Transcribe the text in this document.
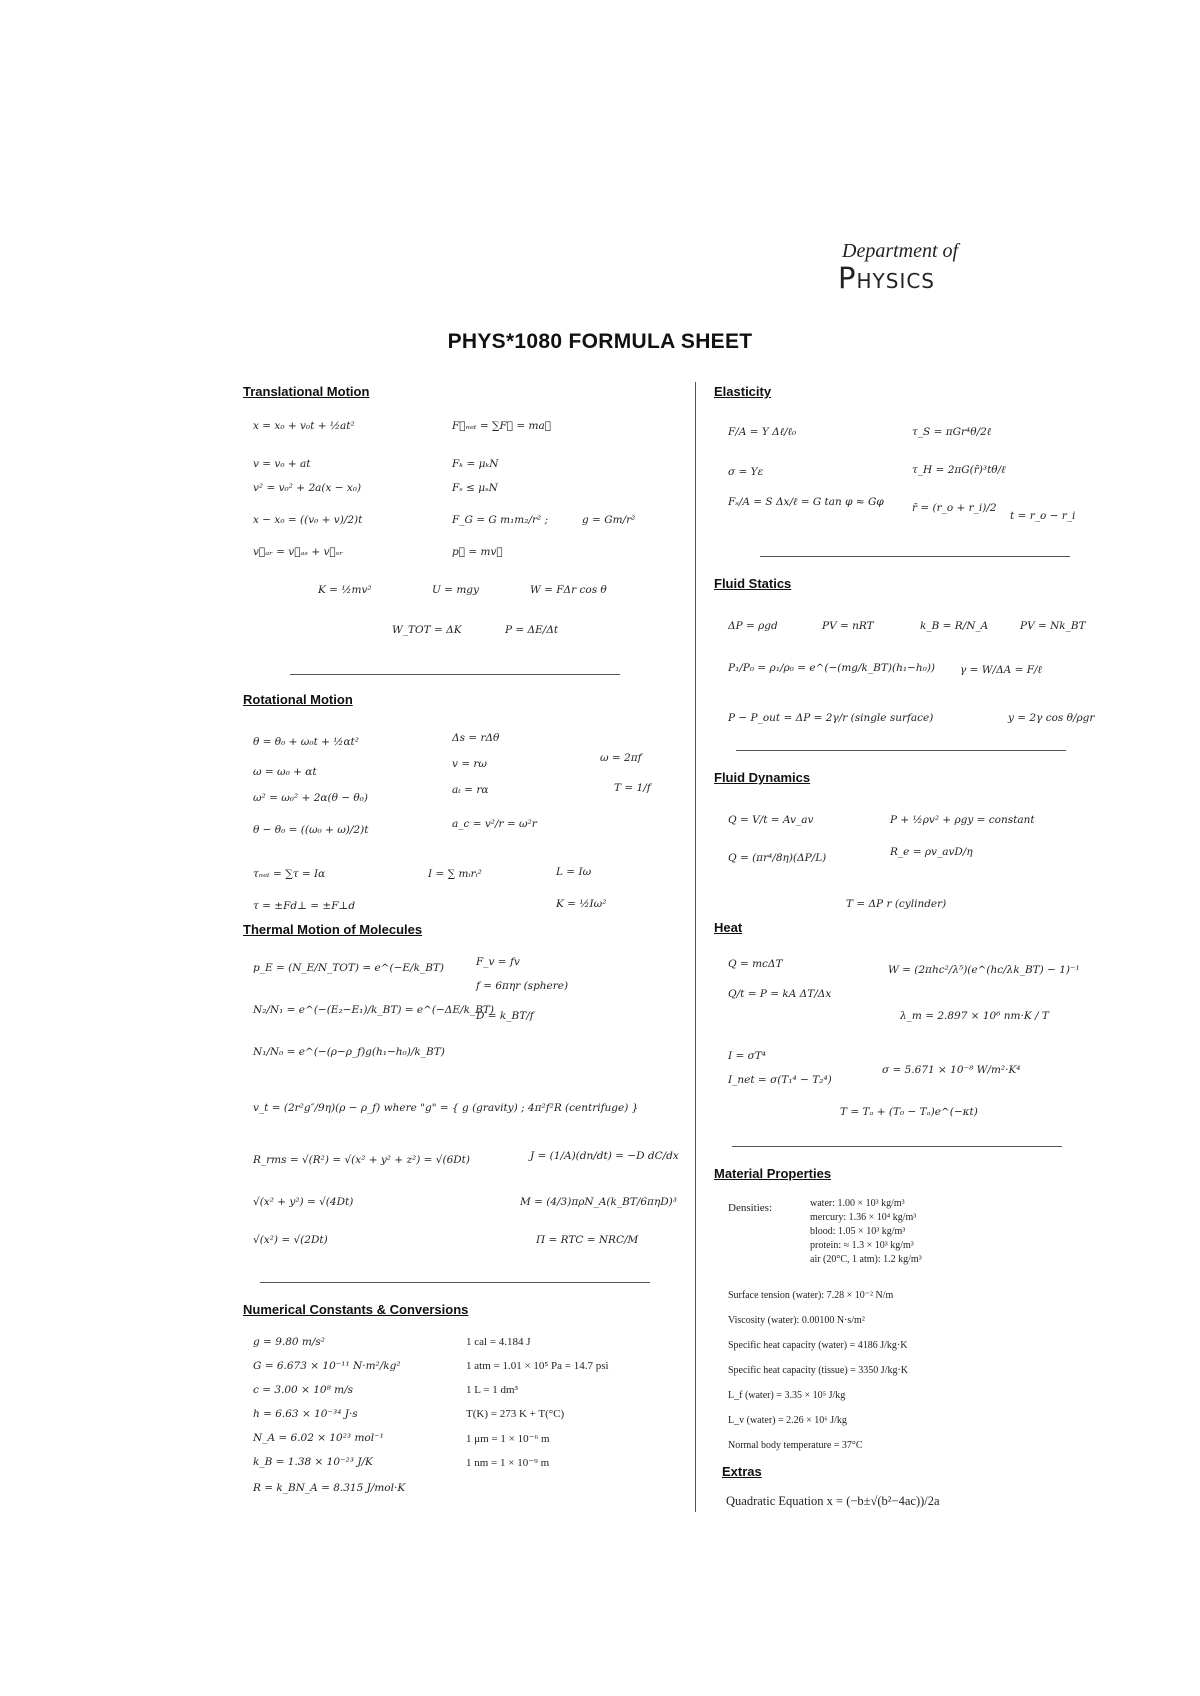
Department of
Physics
PHYS*1080 FORMULA SHEET
Translational Motion
x = x₀ + v₀t + ½at²
v = v₀ + at
v² = v₀² + 2a(x − x₀)
x − x₀ = ((v₀ + v)/2)t
v⃗ₐᵣ = v⃗ₐₛ + v⃗ₛᵣ
F⃗ₙₑₜ = ∑F⃗ = ma⃗
Fₖ = μₖN
Fₛ ≤ μₛN
F_G = G m₁m₂/r² ;	g = Gm/r²
p⃗ = mv⃗
K = ½mv²	U = mgy	W = FΔr cos θ
W_TOT = ΔK	P = ΔE/Δt
Rotational Motion
θ = θ₀ + ω₀t + ½αt²
ω = ω₀ + αt
ω² = ω₀² + 2α(θ − θ₀)
θ − θ₀ = ((ω₀ + ω)/2)t
Δs = rΔθ
v = rω
aₜ = rα
a_c = v²/r = ω²r
ω = 2πf
T = 1/f
τₙₑₜ = ∑τ = Iα	I = ∑ mᵢrᵢ²	L = Iω
τ = ±Fd⊥ = ±F⊥d	K = ½Iω²
Thermal Motion of Molecules
p_E = (N_E/N_TOT) = e^(−E/k_BT)
N₂/N₁ = e^(−(E₂−E₁)/k_BT) = e^(−ΔE/k_BT)
N₁/N₀ = e^(−(ρ−ρ_f)g(h₁−h₀)/k_BT)
F_v = fv
f = 6πηr (sphere)
D = k_BT/f
v_t = (2r²g″/9η)(ρ − ρ_f) where "g" = { g (gravity) ; 4π²f²R (centrifuge) }
R_rms = √(R²) = √(x² + y² + z²) = √(6Dt)	J = (1/A)(dn/dt) = −D dC/dx
√(x² + y²) = √(4Dt)	M = (4/3)πρN_A(k_BT/6πηD)³
√(x²) = √(2Dt)	Π = RTC = NRC/M
Numerical Constants & Conversions
g = 9.80 m/s²
G = 6.673 × 10⁻¹¹ N·m²/kg²
c = 3.00 × 10⁸ m/s
h = 6.63 × 10⁻³⁴ J·s
N_A = 6.02 × 10²³ mol⁻¹
k_B = 1.38 × 10⁻²³ J/K
R = k_BN_A = 8.315 J/mol·K
1 cal = 4.184 J
1 atm = 1.01 × 10⁵ Pa = 14.7 psi
1 L = 1 dm³
T(K) = 273 K + T(°C)
1 μm = 1 × 10⁻⁶ m
1 nm = 1 × 10⁻⁹ m
Elasticity
F/A = Y Δℓ/ℓ₀
σ = Yε
Fₛ/A = S Δx/ℓ = G tan φ ≈ Gφ
τ_S = πGr⁴θ/2ℓ
τ_H = 2πG(r̄)³tθ/ℓ
r̄ = (r_o + r_i)/2
t = r_o − r_i
Fluid Statics
ΔP = ρgd	PV = nRT	k_B = R/N_A	PV = Nk_BT
P₁/P₀ = ρ₁/ρ₀ = e^(−(mg/k_BT)(h₁−h₀)) γ = W/ΔA = F/ℓ
P − P_out = ΔP = 2γ/r (single surface)	y = 2γ cos θ/ρgr
Fluid Dynamics
Q = V/t = Av_av	P + ½ρv² + ρgy = constant
Q = (πr⁴/8η)(ΔP/L)	R_e = ρv_avD/η
T = ΔP r (cylinder)
Heat
Q = mcΔT
Q/t = P = kA ΔT/Δx
W = (2πhc²/λ⁵)(e^(hc/λk_BT) − 1)⁻¹
λ_m = 2.897 × 10⁶ nm·K / T
I = σT⁴
I_net = σ(T₁⁴ − T₂⁴)
σ = 5.671 × 10⁻⁸ W/m²·K⁴
T = Tₐ + (T₀ − Tₐ)e^(−κt)
Material Properties
Densities:	water: 1.00 × 10³ kg/m³
mercury: 1.36 × 10⁴ kg/m³
blood: 1.05 × 10³ kg/m³
protein: ≈ 1.3 × 10³ kg/m³
air (20°C, 1 atm): 1.2 kg/m³
Surface tension (water): 7.28 × 10⁻² N/m
Viscosity (water): 0.00100 N·s/m²
Specific heat capacity (water) = 4186 J/kg·K
Specific heat capacity (tissue) = 3350 J/kg·K
L_f (water) = 3.35 × 10⁵ J/kg
L_v (water) = 2.26 × 10⁶ J/kg
Normal body temperature = 37°C
Extras
Quadratic Equation x = (−b±√(b²−4ac))/2a
